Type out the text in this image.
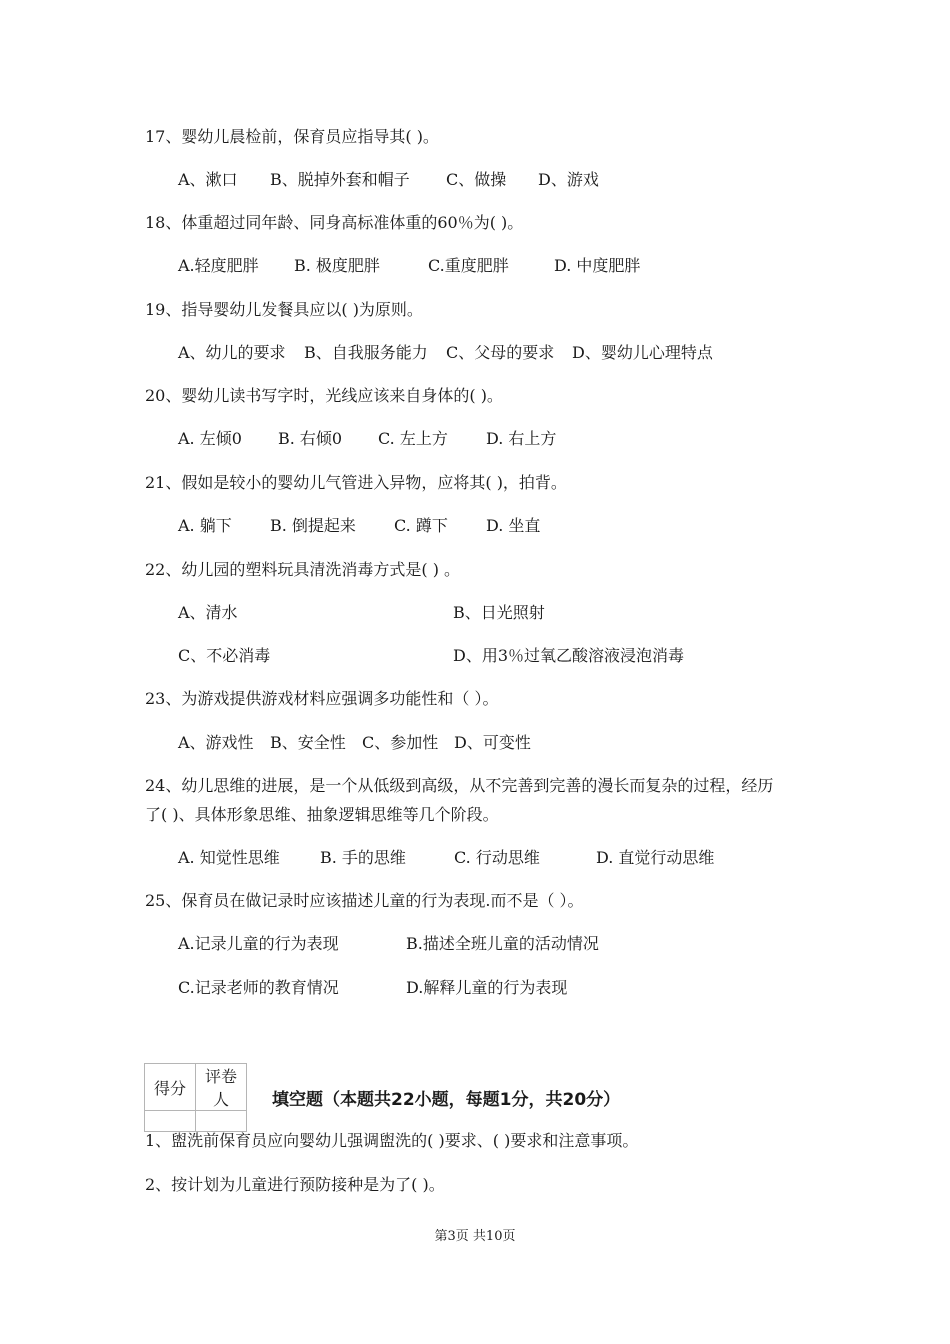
17、婴幼儿晨检前，保育员应指导其( )。
A、漱口 B、脱掉外套和帽子 C、做操 D、游戏
18、体重超过同年龄、同身高标准体重的60％为( )。
A.轻度肥胖 B. 极度肥胖	C.重度肥胖	D. 中度肥胖
19、指导婴幼儿发餐具应以( )为原则。
A、幼儿的要求 B、自我服务能力 C、父母的要求 D、婴幼儿心理特点
20、婴幼儿读书写字时，光线应该来自身体的( )。
A. 左倾0 B. 右倾0 C. 左上方 D. 右上方
21、假如是较小的婴幼儿气管进入异物，应将其( )，拍背。
A. 躺下 B. 倒提起来 C. 蹲下 D. 坐直
22、幼儿园的塑料玩具清洗消毒方式是( ) 。
A、清水	B、日光照射
C、不必消毒	D、用3％过氧乙酸溶液浸泡消毒
23、为游戏提供游戏材料应强调多功能性和（ ）。
A、游戏性 B、安全性 C、参加性 D、可变性
24、幼儿思维的进展，是一个从低级到高级，从不完善到完善的漫长而复杂的过程，经历
了( )、具体形象思维、抽象逻辑思维等几个阶段。
A. 知觉性思维	B. 手的思维	C. 行动思维	D. 直觉行动思维
25、保育员在做记录时应该描述儿童的行为表现.而不是（ ）。
A.记录儿童的行为表现	B.描述全班儿童的活动情况
C.记录老师的教育情况	D.解释儿童的行为表现
得分	评卷人
		填空题（本题共22小题，每题1分，共20分）
1、盥洗前保育员应向婴幼儿强调盥洗的( )要求、( )要求和注意事项。
2、按计划为儿童进行预防接种是为了( )。
第3页 共10页
